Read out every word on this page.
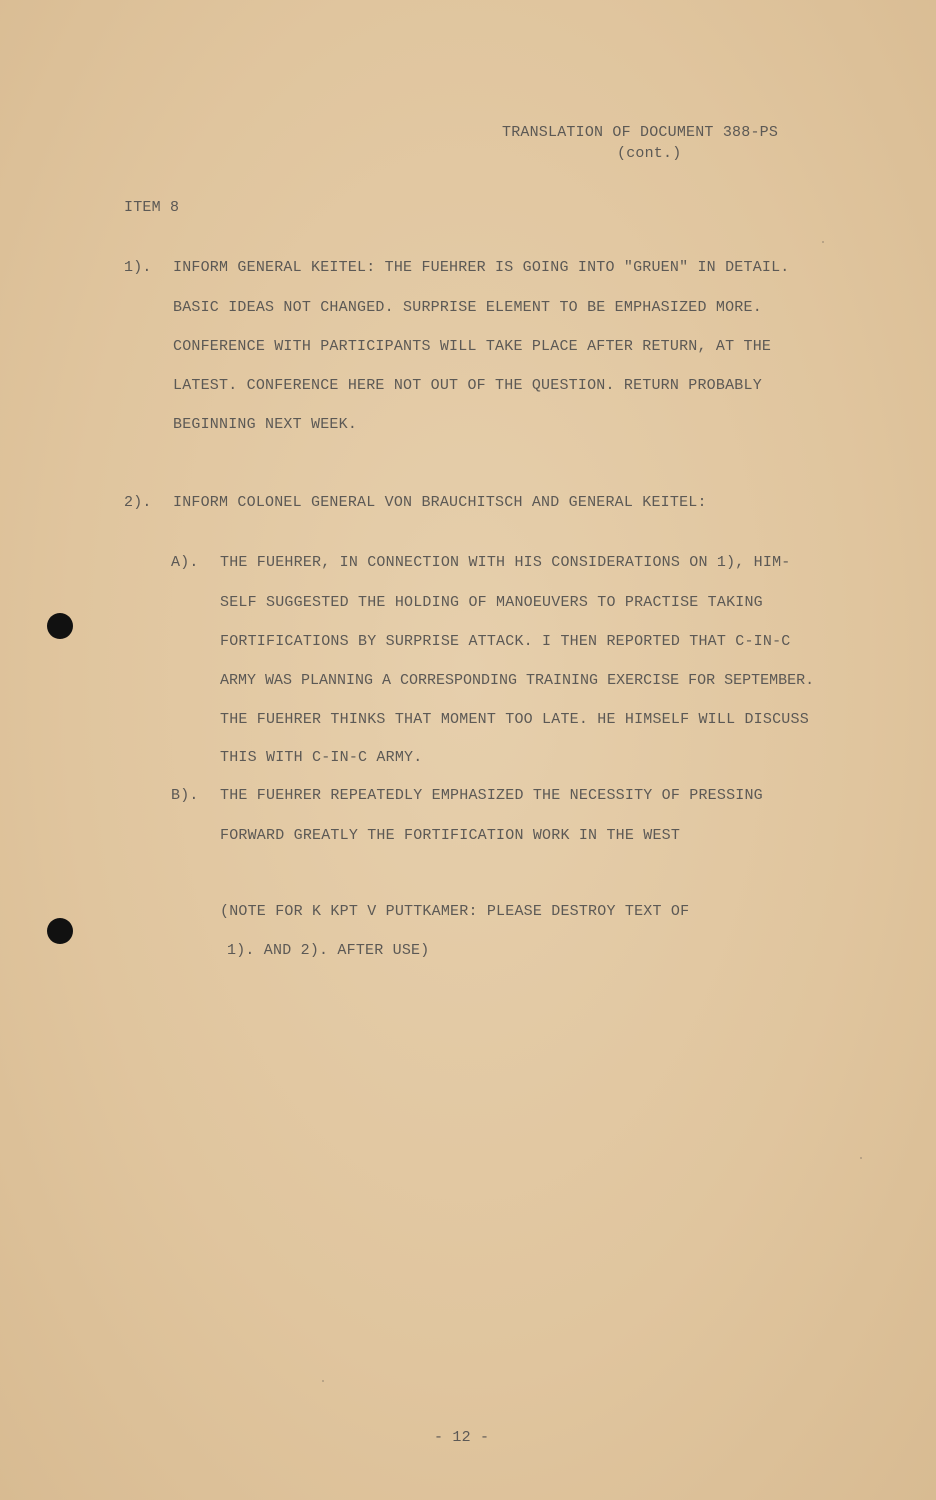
TRANSLATION OF DOCUMENT 388-PS
(cont.)
ITEM 8
1). INFORM GENERAL KEITEL: THE FUEHRER IS GOING INTO "GRUEN" IN DETAIL.
BASIC IDEAS NOT CHANGED. SURPRISE ELEMENT TO BE EMPHASIZED MORE.
CONFERENCE WITH PARTICIPANTS WILL TAKE PLACE AFTER RETURN, AT THE
LATEST. CONFERENCE HERE NOT OUT OF THE QUESTION. RETURN PROBABLY
BEGINNING NEXT WEEK.
2). INFORM COLONEL GENERAL VON BRAUCHITSCH AND GENERAL KEITEL:
A). THE FUEHRER, IN CONNECTION WITH HIS CONSIDERATIONS ON 1), HIM-
SELF SUGGESTED THE HOLDING OF MANOEUVERS TO PRACTISE TAKING
FORTIFICATIONS BY SURPRISE ATTACK. I THEN REPORTED THAT C-IN-C
ARMY WAS PLANNING A CORRESPONDING TRAINING EXERCISE FOR SEPTEMBER.
THE FUEHRER THINKS THAT MOMENT TOO LATE. HE HIMSELF WILL DISCUSS
THIS WITH C-IN-C ARMY.
B). THE FUEHRER REPEATEDLY EMPHASIZED THE NECESSITY OF PRESSING
FORWARD GREATLY THE FORTIFICATION WORK IN THE WEST
(NOTE FOR K KPT V PUTTKAMER: PLEASE DESTROY TEXT OF
1). AND 2). AFTER USE)
- 12 -
